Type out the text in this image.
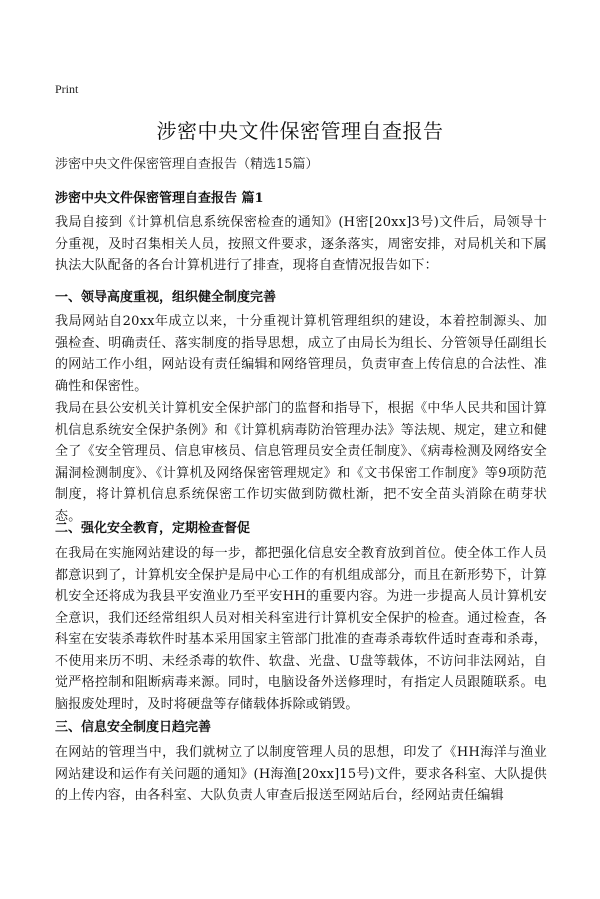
Print
涉密中央文件保密管理自查报告
涉密中央文件保密管理自查报告（精选15篇）
涉密中央文件保密管理自查报告 篇1
我局自接到《计算机信息系统保密检查的通知》(H密[20xx]3号)文件后，局领导十分重视，及时召集相关人员，按照文件要求，逐条落实，周密安排，对局机关和下属执法大队配备的各台计算机进行了排查，现将自查情况报告如下：
一、领导高度重视，组织健全制度完善
我局网站自20xx年成立以来，十分重视计算机管理组织的建设，本着控制源头、加强检查、明确责任、落实制度的指导思想，成立了由局长为组长、分管领导任副组长的网站工作小组，网站设有责任编辑和网络管理员，负责审查上传信息的合法性、准确性和保密性。
我局在县公安机关计算机安全保护部门的监督和指导下，根据《中华人民共和国计算机信息系统安全保护条例》和《计算机病毒防治管理办法》等法规、规定，建立和健全了《安全管理员、信息审核员、信息管理员安全责任制度》、《病毒检测及网络安全漏洞检测制度》、《计算机及网络保密管理规定》和《文书保密工作制度》等9项防范制度，将计算机信息系统保密工作切实做到防微杜渐，把不安全苗头消除在萌芽状态。
二、强化安全教育，定期检查督促
在我局在实施网站建设的每一步，都把强化信息安全教育放到首位。使全体工作人员都意识到了，计算机安全保护是局中心工作的有机组成部分，而且在新形势下，计算机安全还将成为我县平安渔业乃至平安HH的重要内容。为进一步提高人员计算机安全意识，我们还经常组织人员对相关科室进行计算机安全保护的检查。通过检查，各科室在安装杀毒软件时基本采用国家主管部门批准的查毒杀毒软件适时查毒和杀毒，不使用来历不明、未经杀毒的软件、软盘、光盘、U盘等载体，不访问非法网站，自觉严格控制和阻断病毒来源。同时，电脑设备外送修理时，有指定人员跟随联系。电脑报废处理时，及时将硬盘等存储载体拆除或销毁。
三、信息安全制度日趋完善
在网站的管理当中，我们就树立了以制度管理人员的思想，印发了《HH海洋与渔业网站建设和运作有关问题的通知》(H海渔[20xx]15号)文件，要求各科室、大队提供的上传内容，由各科室、大队负责人审查后报送至网站后台，经网站责任编辑
